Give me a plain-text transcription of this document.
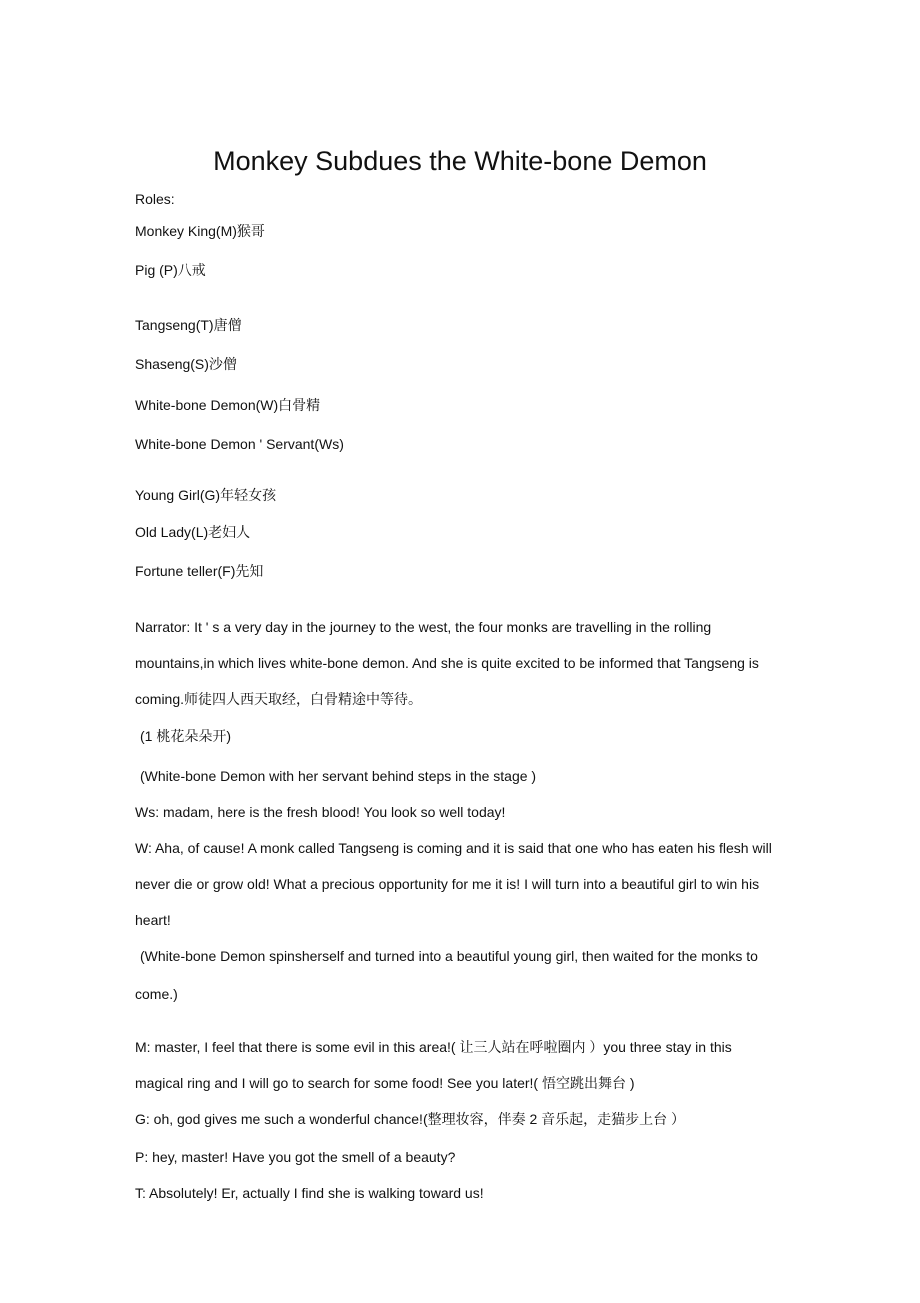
Monkey Subdues the White-bone Demon
Roles:
Monkey King(M)猴哥
Pig (P)八戒
Tangseng(T)唐僧
Shaseng(S)沙僧
White-bone Demon(W)白骨精
White-bone Demon ' Servant(Ws)
Young Girl(G)年轻女孩
Old Lady(L)老妇人
Fortune teller(F)先知
Narrator: It ' s a very day in the journey to the west, the four monks are travelling in the rolling
mountains,in which lives white-bone demon. And she is quite excited to be informed that Tangseng is
coming.师徒四人西天取经，白骨精途中等待。
(1 桃花朵朵开)
(White-bone Demon with her servant behind steps in the stage )
Ws: madam, here is the fresh blood! You look so well today!
W: Aha, of cause! A monk called Tangseng is coming and it is said that one who has eaten his flesh will
never die or grow old! What a precious opportunity for me it is! I will turn into a beautiful girl to win his
heart!
(White-bone Demon spinsherself and turned into a beautiful young girl, then waited for the monks to
come.)
M: master, I feel that there is some evil in this area!( 让三人站在呼啦圈内 ）you three stay in this
magical ring and I will go to search for some food! See you later!( 悟空跳出舞台 )
G: oh, god gives me such a wonderful chance!(整理妆容，伴奏 2 音乐起，走猫步上台 ）
P: hey, master! Have you got the smell of a beauty?
T: Absolutely! Er, actually I find she is walking toward us!
